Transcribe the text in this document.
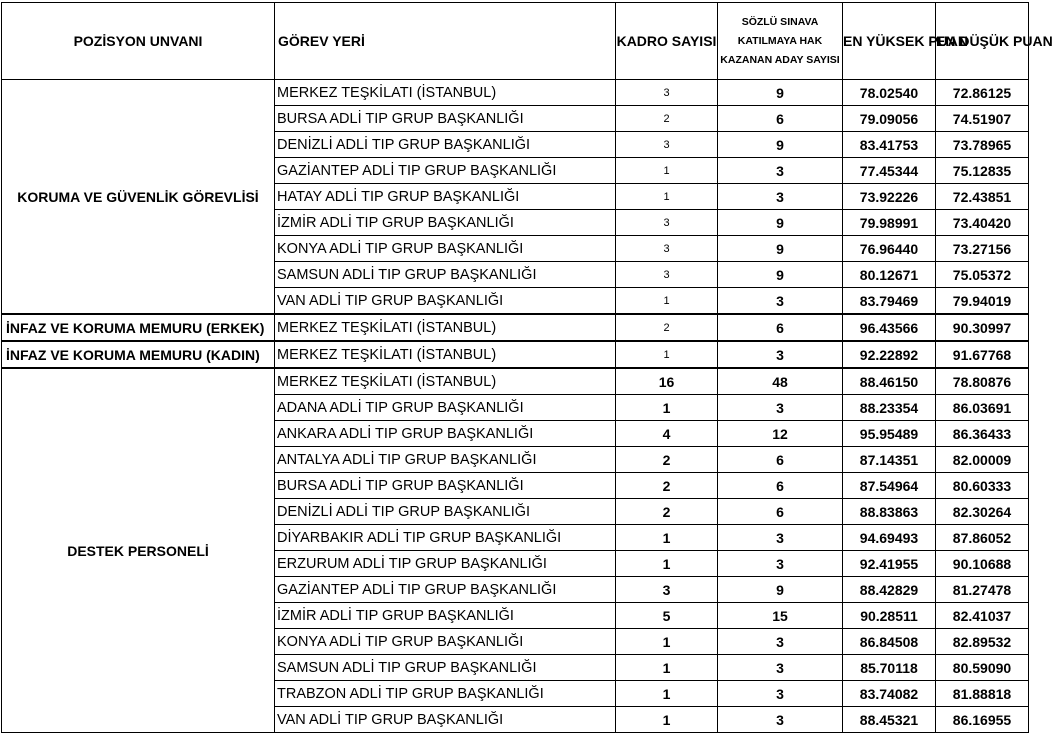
POZİSYON UNVANI	GÖREV YERİ	KADRO SAYISI	SÖZLÜ SINAVA KATILMAYA HAK KAZANAN ADAY SAYISI	EN YÜKSEK PUAN	EN DÜŞÜK PUAN
KORUMA VE GÜVENLİK GÖREVLİSİ	MERKEZ TEŞKİLATI (İSTANBUL)	3	9	78.02540	72.86125
	BURSA ADLİ TIP GRUP BAŞKANLIĞI	2	6	79.09056	74.51907
	DENİZLİ ADLİ TIP GRUP BAŞKANLIĞI	3	9	83.41753	73.78965
	GAZİANTEP ADLİ TIP GRUP BAŞKANLIĞI	1	3	77.45344	75.12835
	HATAY ADLİ TIP GRUP BAŞKANLIĞI	1	3	73.92226	72.43851
	İZMİR ADLİ TIP GRUP BAŞKANLIĞI	3	9	79.98991	73.40420
	KONYA ADLİ TIP GRUP BAŞKANLIĞI	3	9	76.96440	73.27156
	SAMSUN ADLİ TIP GRUP BAŞKANLIĞI	3	9	80.12671	75.05372
	VAN ADLİ TIP GRUP BAŞKANLIĞI	1	3	83.79469	79.94019
İNFAZ VE KORUMA MEMURU (ERKEK)	MERKEZ TEŞKİLATI (İSTANBUL)	2	6	96.43566	90.30997
İNFAZ VE KORUMA MEMURU (KADIN)	MERKEZ TEŞKİLATI (İSTANBUL)	1	3	92.22892	91.67768
DESTEK PERSONELİ	MERKEZ TEŞKİLATI (İSTANBUL)	16	48	88.46150	78.80876
	ADANA ADLİ TIP GRUP BAŞKANLIĞI	1	3	88.23354	86.03691
	ANKARA ADLİ TIP GRUP BAŞKANLIĞI	4	12	95.95489	86.36433
	ANTALYA ADLİ TIP GRUP BAŞKANLIĞI	2	6	87.14351	82.00009
	BURSA ADLİ TIP GRUP BAŞKANLIĞI	2	6	87.54964	80.60333
	DENİZLİ ADLİ TIP GRUP BAŞKANLIĞI	2	6	88.83863	82.30264
	DİYARBAKIR ADLİ TIP GRUP BAŞKANLIĞI	1	3	94.69493	87.86052
	ERZURUM ADLİ TIP GRUP BAŞKANLIĞI	1	3	92.41955	90.10688
	GAZİANTEP ADLİ TIP GRUP BAŞKANLIĞI	3	9	88.42829	81.27478
	İZMİR ADLİ TIP GRUP BAŞKANLIĞI	5	15	90.28511	82.41037
	KONYA ADLİ TIP GRUP BAŞKANLIĞI	1	3	86.84508	82.89532
	SAMSUN ADLİ TIP GRUP BAŞKANLIĞI	1	3	85.70118	80.59090
	TRABZON ADLİ TIP GRUP BAŞKANLIĞI	1	3	83.74082	81.88818
	VAN ADLİ TIP GRUP BAŞKANLIĞI	1	3	88.45321	86.16955
